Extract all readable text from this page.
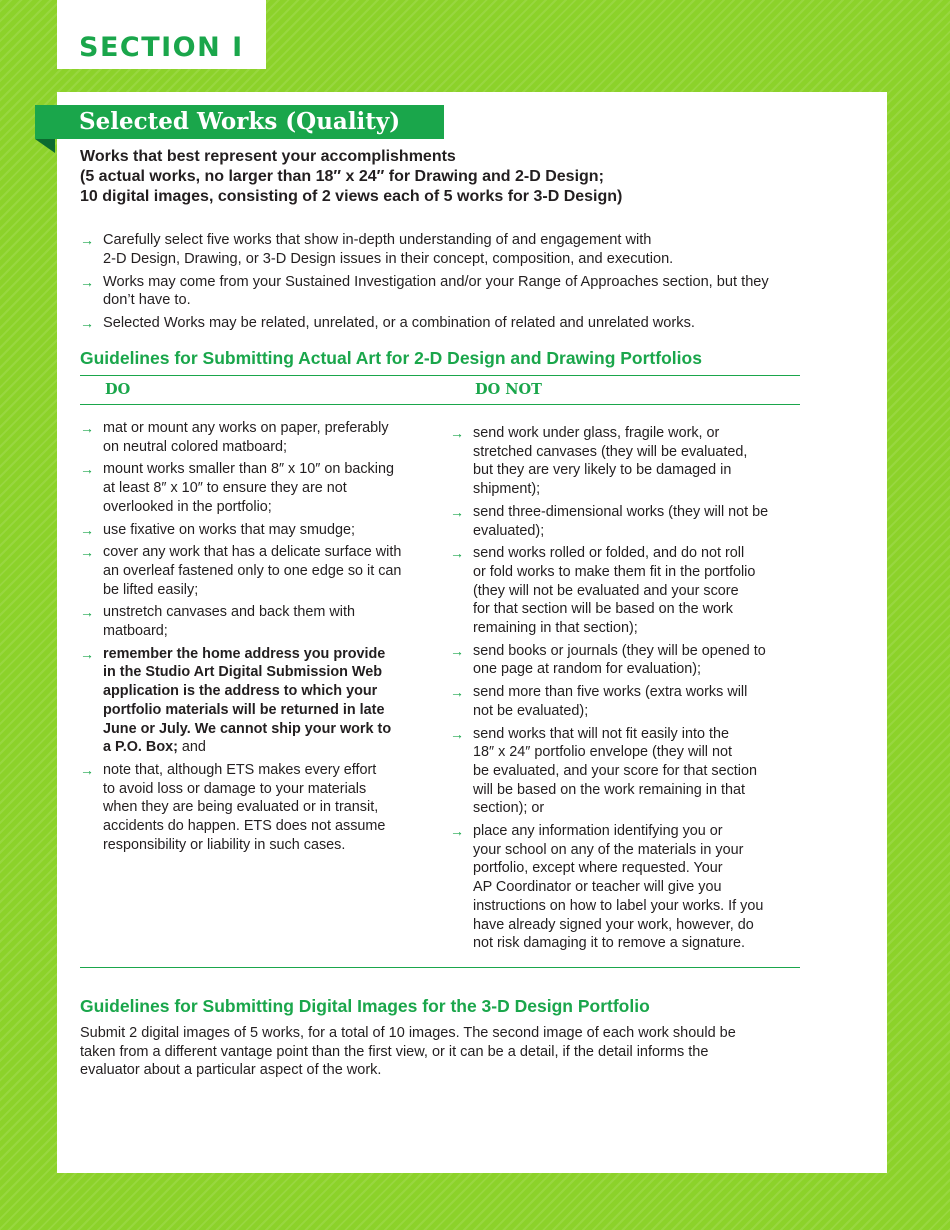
SECTION I
Selected Works (Quality)
Works that best represent your accomplishments
(5 actual works, no larger than 18″ x 24″ for Drawing and 2-D Design;
10 digital images, consisting of 2 views each of 5 works for 3-D Design)
→ Carefully select five works that show in-depth understanding of and engagement with
2-D Design, Drawing, or 3-D Design issues in their concept, composition, and execution.
→ Works may come from your Sustained Investigation and/or your Range of Approaches section, but they
don’t have to.
→ Selected Works may be related, unrelated, or a combination of related and unrelated works.
Guidelines for Submitting Actual Art for 2-D Design and Drawing Portfolios
DO	DO NOT
→ mat or mount any works on paper, preferably
on neutral colored matboard;
→ mount works smaller than 8″ x 10″ on backing
at least 8″ x 10″ to ensure they are not
overlooked in the portfolio;
→ use fixative on works that may smudge;
→ cover any work that has a delicate surface with
an overleaf fastened only to one edge so it can
be lifted easily;
→ unstretch canvases and back them with
matboard;
→ remember the home address you provide
in the Studio Art Digital Submission Web
application is the address to which your
portfolio materials will be returned in late
June or July. We cannot ship your work to
a P.O. Box; and
→ note that, although ETS makes every effort
to avoid loss or damage to your materials
when they are being evaluated or in transit,
accidents do happen. ETS does not assume
responsibility or liability in such cases.
→ send work under glass, fragile work, or
stretched canvases (they will be evaluated,
but they are very likely to be damaged in
shipment);
→ send three-dimensional works (they will not be
evaluated);
→ send works rolled or folded, and do not roll
or fold works to make them fit in the portfolio
(they will not be evaluated and your score
for that section will be based on the work
remaining in that section);
→ send books or journals (they will be opened to
one page at random for evaluation);
→ send more than five works (extra works will
not be evaluated);
→ send works that will not fit easily into the
18″ x 24″ portfolio envelope (they will not
be evaluated, and your score for that section
will be based on the work remaining in that
section); or
→ place any information identifying you or
your school on any of the materials in your
portfolio, except where requested. Your
AP Coordinator or teacher will give you
instructions on how to label your works. If you
have already signed your work, however, do
not risk damaging it to remove a signature.
Guidelines for Submitting Digital Images for the 3-D Design Portfolio

Submit 2 digital images of 5 works, for a total of 10 images. The second image of each work should be
taken from a different vantage point than the first view, or it can be a detail, if the detail informs the
evaluator about a particular aspect of the work.
